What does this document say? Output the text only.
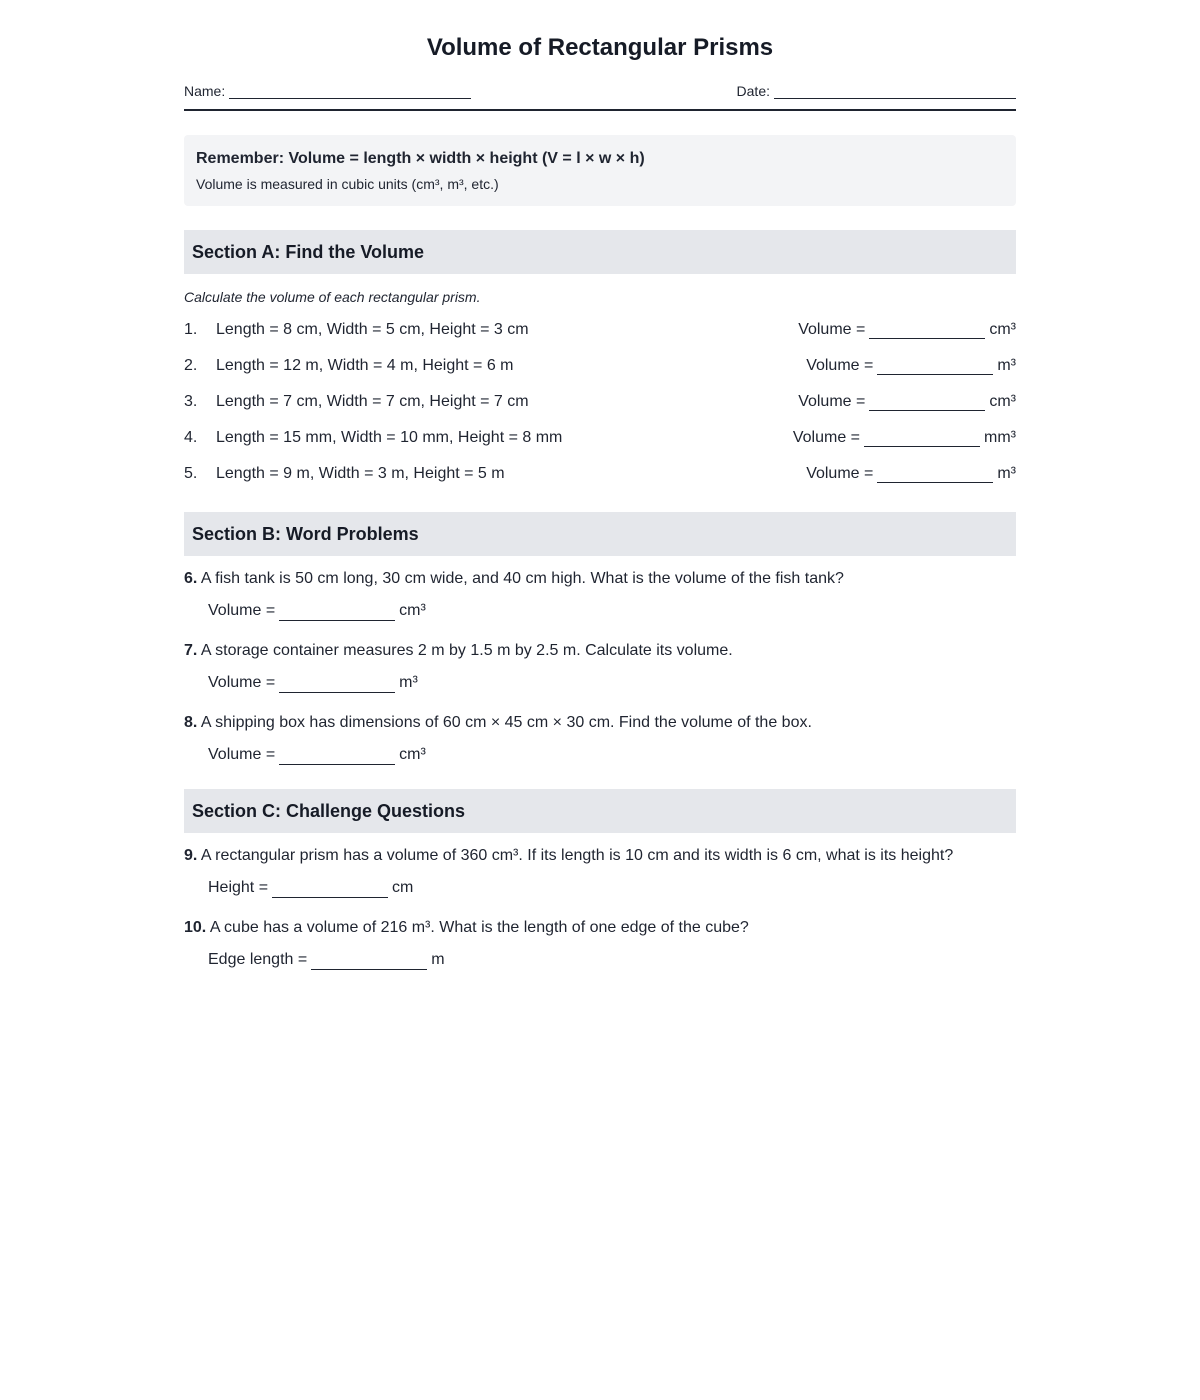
Volume of Rectangular Prisms
Name:	Date:
Remember: Volume = length × width × height (V = l × w × h)
Volume is measured in cubic units (cm³, m³, etc.)
Section A: Find the Volume
Calculate the volume of each rectangular prism.
1.	Length = 8 cm, Width = 5 cm, Height = 3 cm	Volume =	cm³
2.	Length = 12 m, Width = 4 m, Height = 6 m	Volume =	m³
3.	Length = 7 cm, Width = 7 cm, Height = 7 cm	Volume =	cm³
4.	Length = 15 mm, Width = 10 mm, Height = 8 mm	Volume =	mm³
5.	Length = 9 m, Width = 3 m, Height = 5 m	Volume =	m³
Section B: Word Problems
6. A fish tank is 50 cm long, 30 cm wide, and 40 cm high. What is the volume of the fish tank?
Volume =	cm³
7. A storage container measures 2 m by 1.5 m by 2.5 m. Calculate its volume.
Volume =	m³
8. A shipping box has dimensions of 60 cm × 45 cm × 30 cm. Find the volume of the box.
Volume =	cm³
Section C: Challenge Questions
9. A rectangular prism has a volume of 360 cm³. If its length is 10 cm and its width is 6 cm, what is its height?
Height =	cm
10. A cube has a volume of 216 m³. What is the length of one edge of the cube?
Edge length =	m
